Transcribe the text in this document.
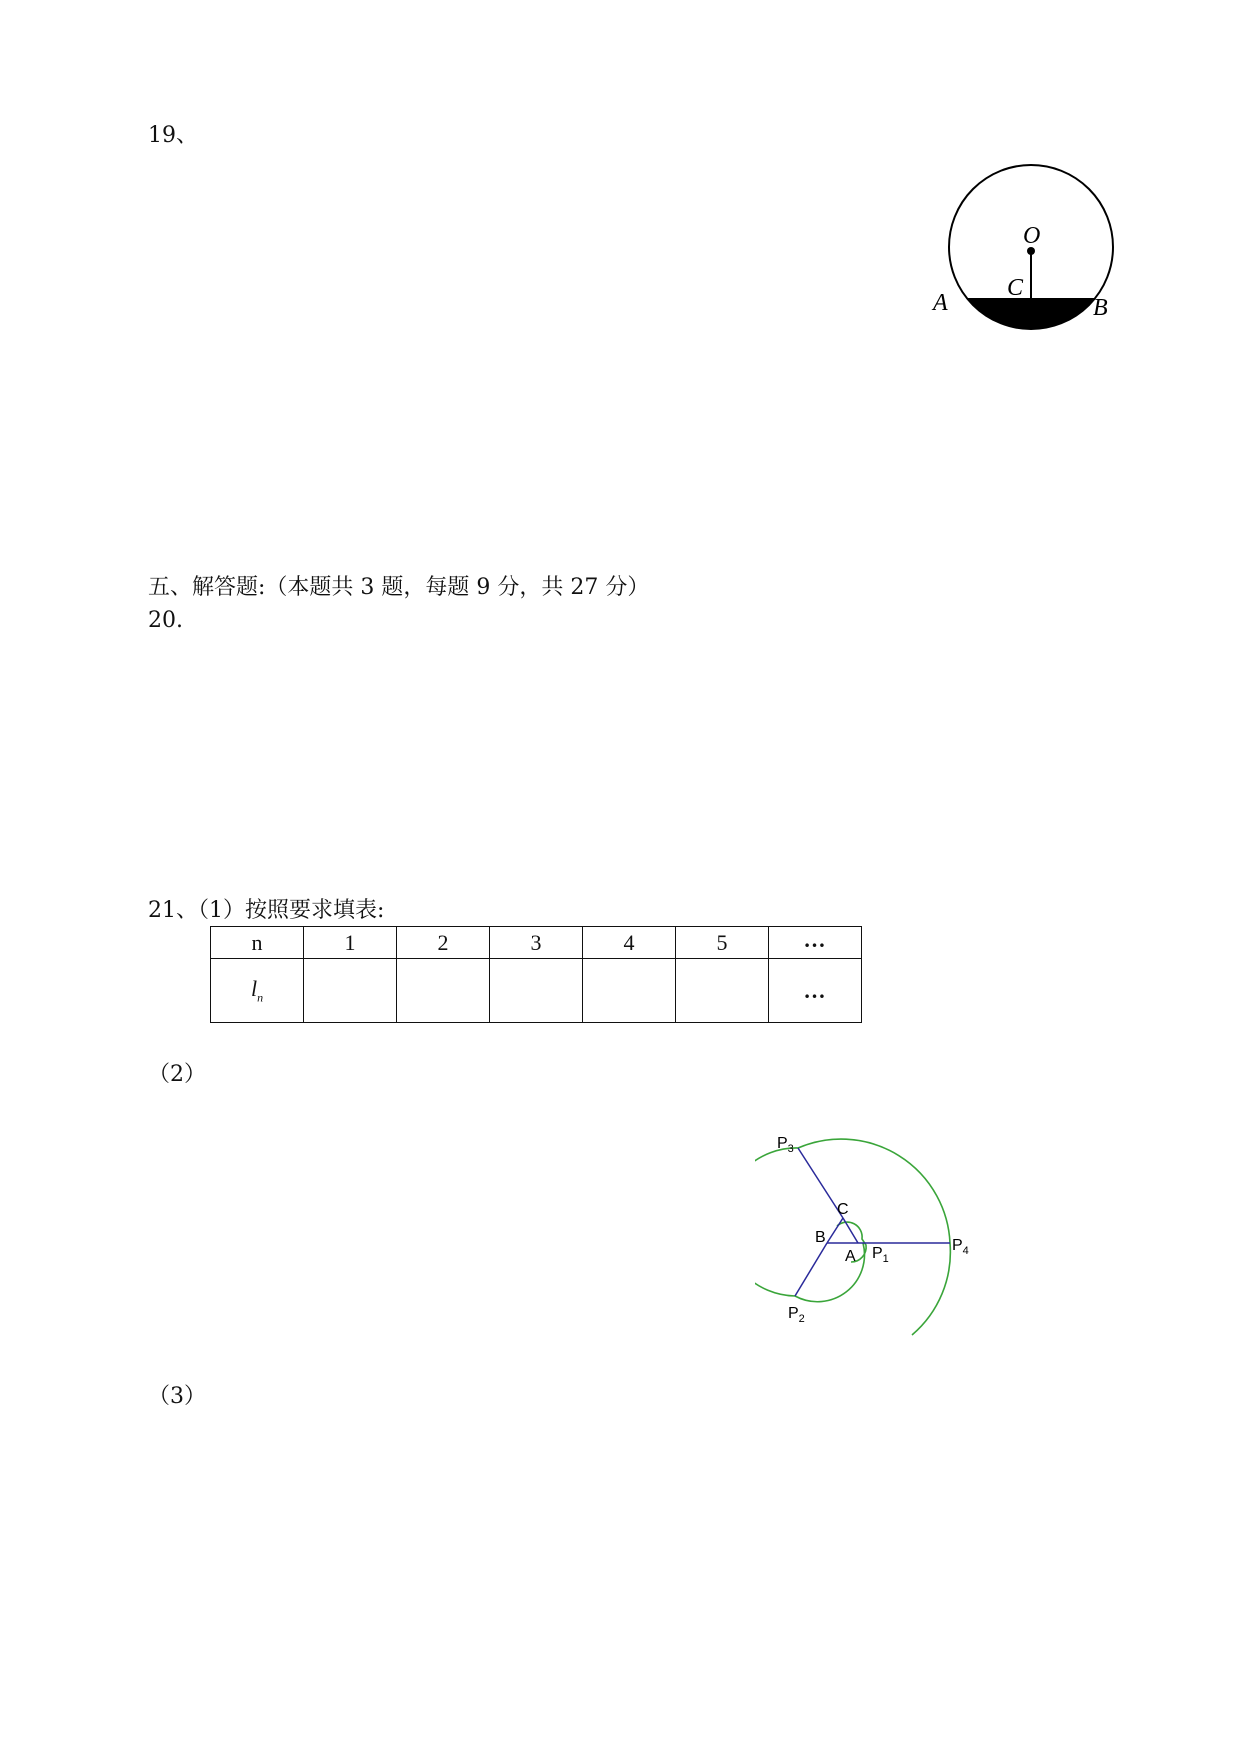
19、
O
C
A	B
五、解答题:（本题共 3 题，每题 9 分，共 27 分）
20.
21、（1）按照要求填表:
n	1	2	3	4	5	…
$l_n$						…
（2）
$P_3$
C
B
A $P_1$
$P_4$
$P_2$
（3）
